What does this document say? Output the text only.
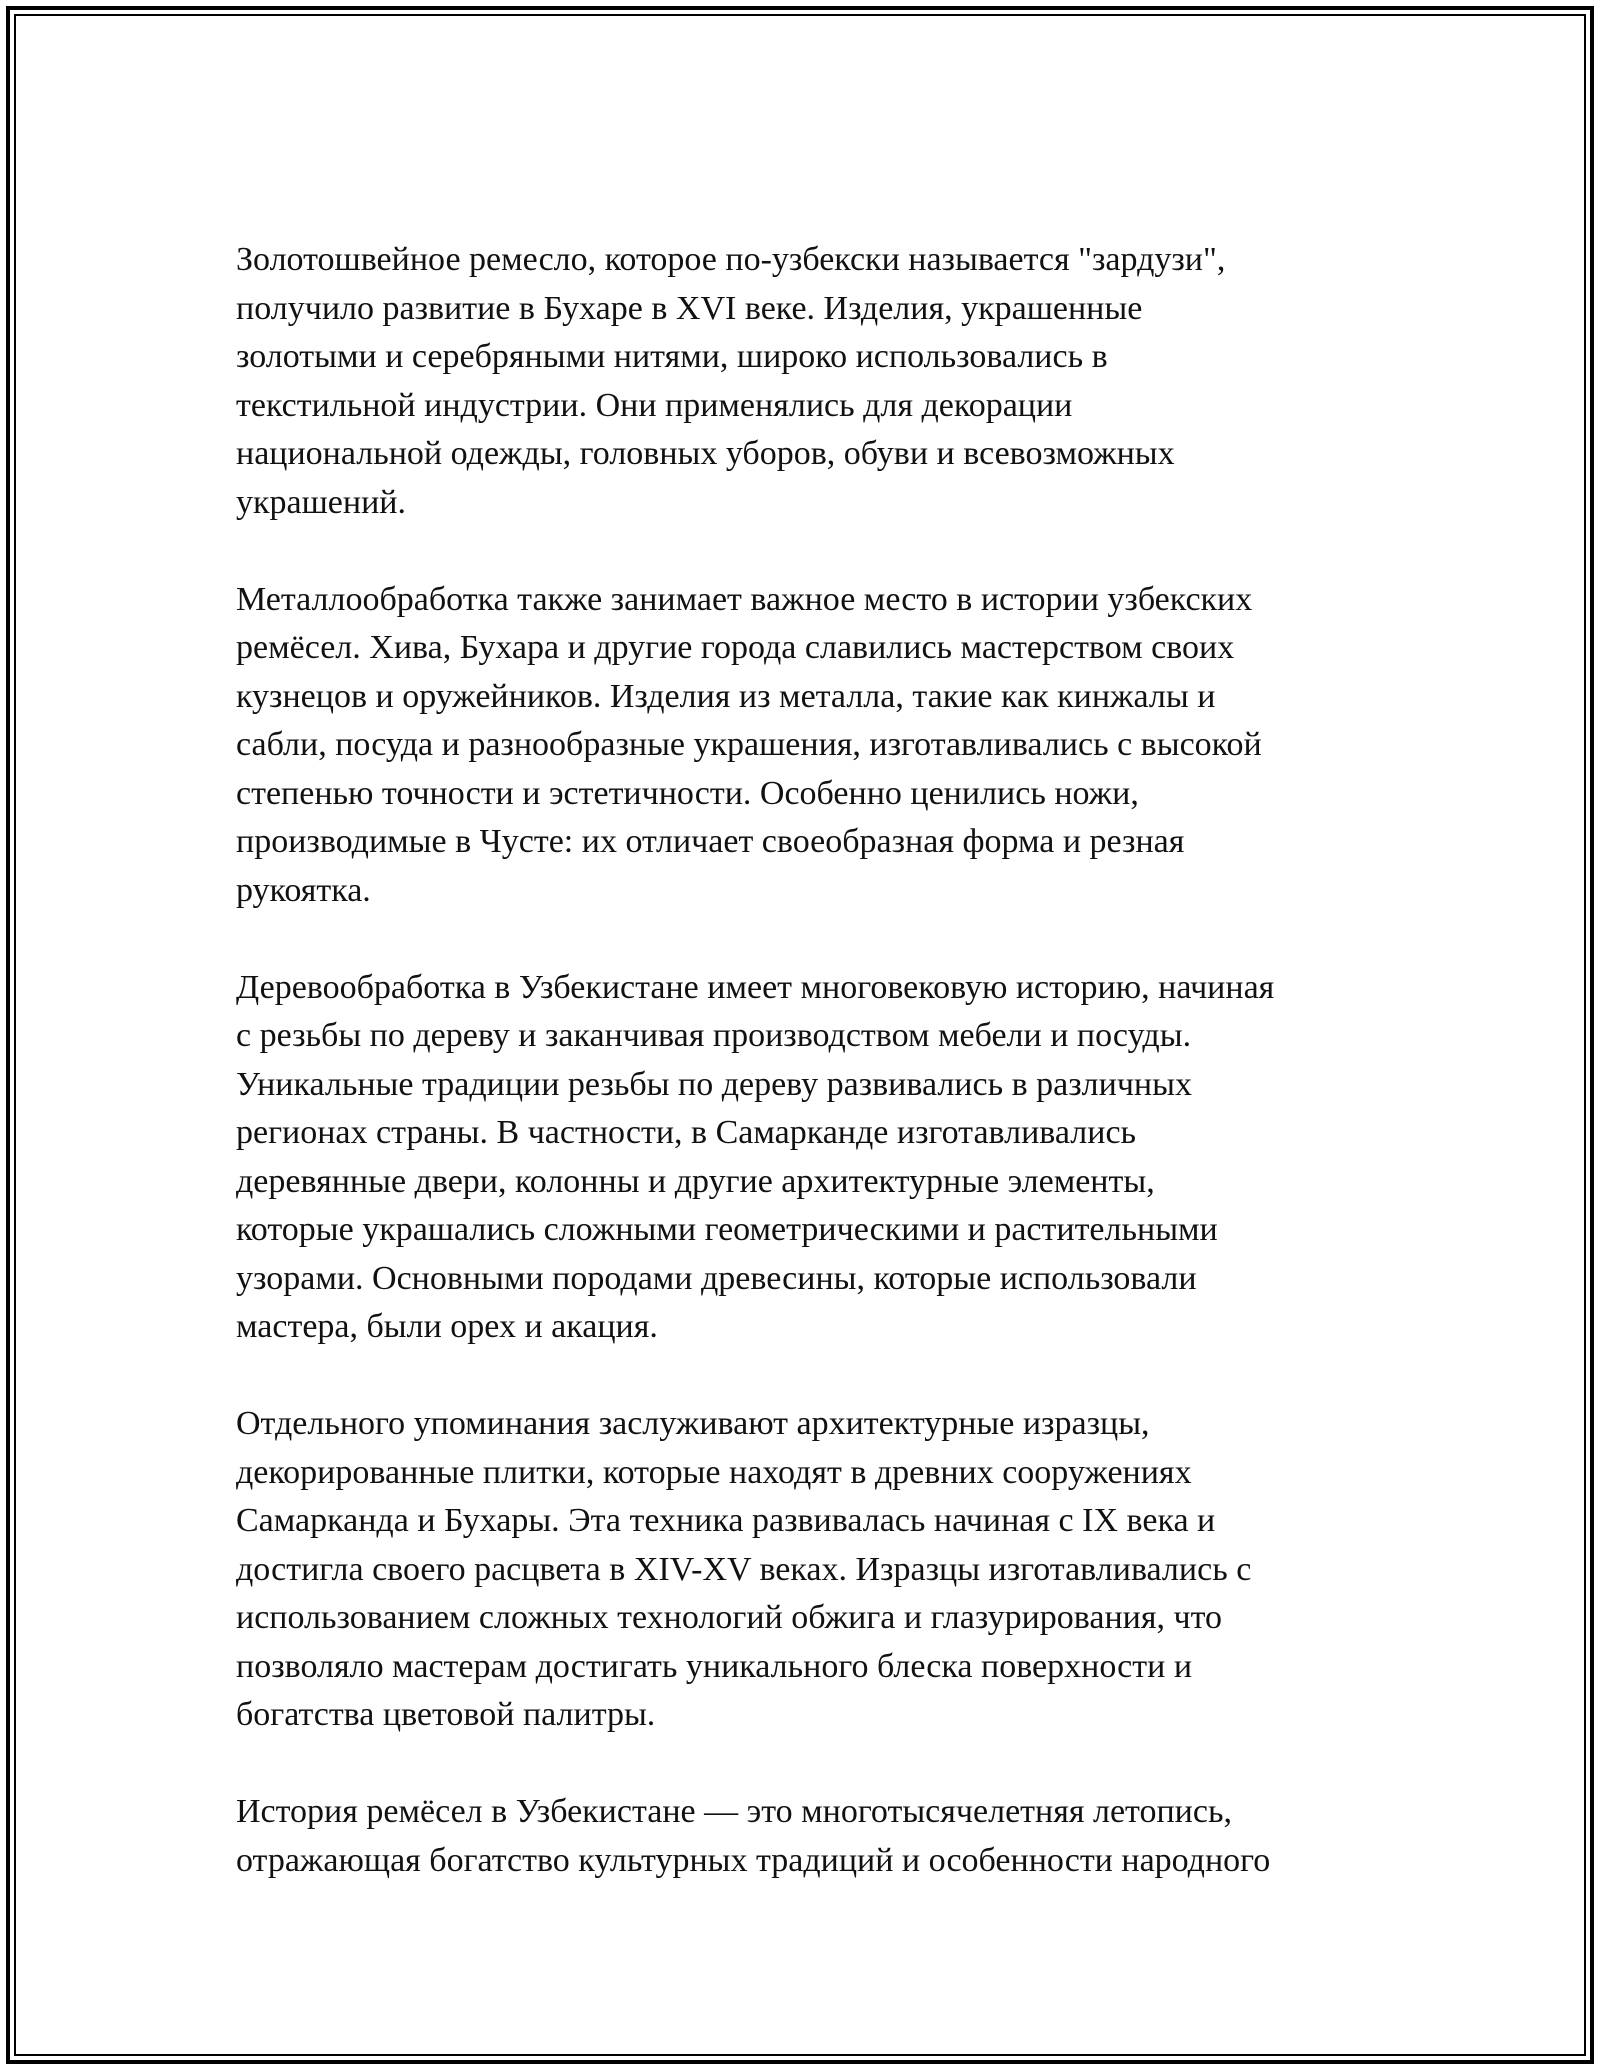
Золотошвейное ремесло, которое по-узбекски называется "зардузи",
получило развитие в Бухаре в XVI веке. Изделия, украшенные
золотыми и серебряными нитями, широко использовались в
текстильной индустрии. Они применялись для декорации
национальной одежды, головных уборов, обуви и всевозможных
украшений.

Металлообработка также занимает важное место в истории узбекских
ремёсел. Хива, Бухара и другие города славились мастерством своих
кузнецов и оружейников. Изделия из металла, такие как кинжалы и
сабли, посуда и разнообразные украшения, изготавливались с высокой
степенью точности и эстетичности. Особенно ценились ножи,
производимые в Чусте: их отличает своеобразная форма и резная
рукоятка.

Деревообработка в Узбекистане имеет многовековую историю, начиная
с резьбы по дереву и заканчивая производством мебели и посуды.
Уникальные традиции резьбы по дереву развивались в различных
регионах страны. В частности, в Самарканде изготавливались
деревянные двери, колонны и другие архитектурные элементы,
которые украшались сложными геометрическими и растительными
узорами. Основными породами древесины, которые использовали
мастера, были орех и акация.

Отдельного упоминания заслуживают архитектурные изразцы,
декорированные плитки, которые находят в древних сооружениях
Самарканда и Бухары. Эта техника развивалась начиная с IX века и
достигла своего расцвета в XIV-XV веках. Изразцы изготавливались с
использованием сложных технологий обжига и глазурирования, что
позволяло мастерам достигать уникального блеска поверхности и
богатства цветовой палитры.

История ремёсел в Узбекистане — это многотысячелетняя летопись,
отражающая богатство культурных традиций и особенности народного
